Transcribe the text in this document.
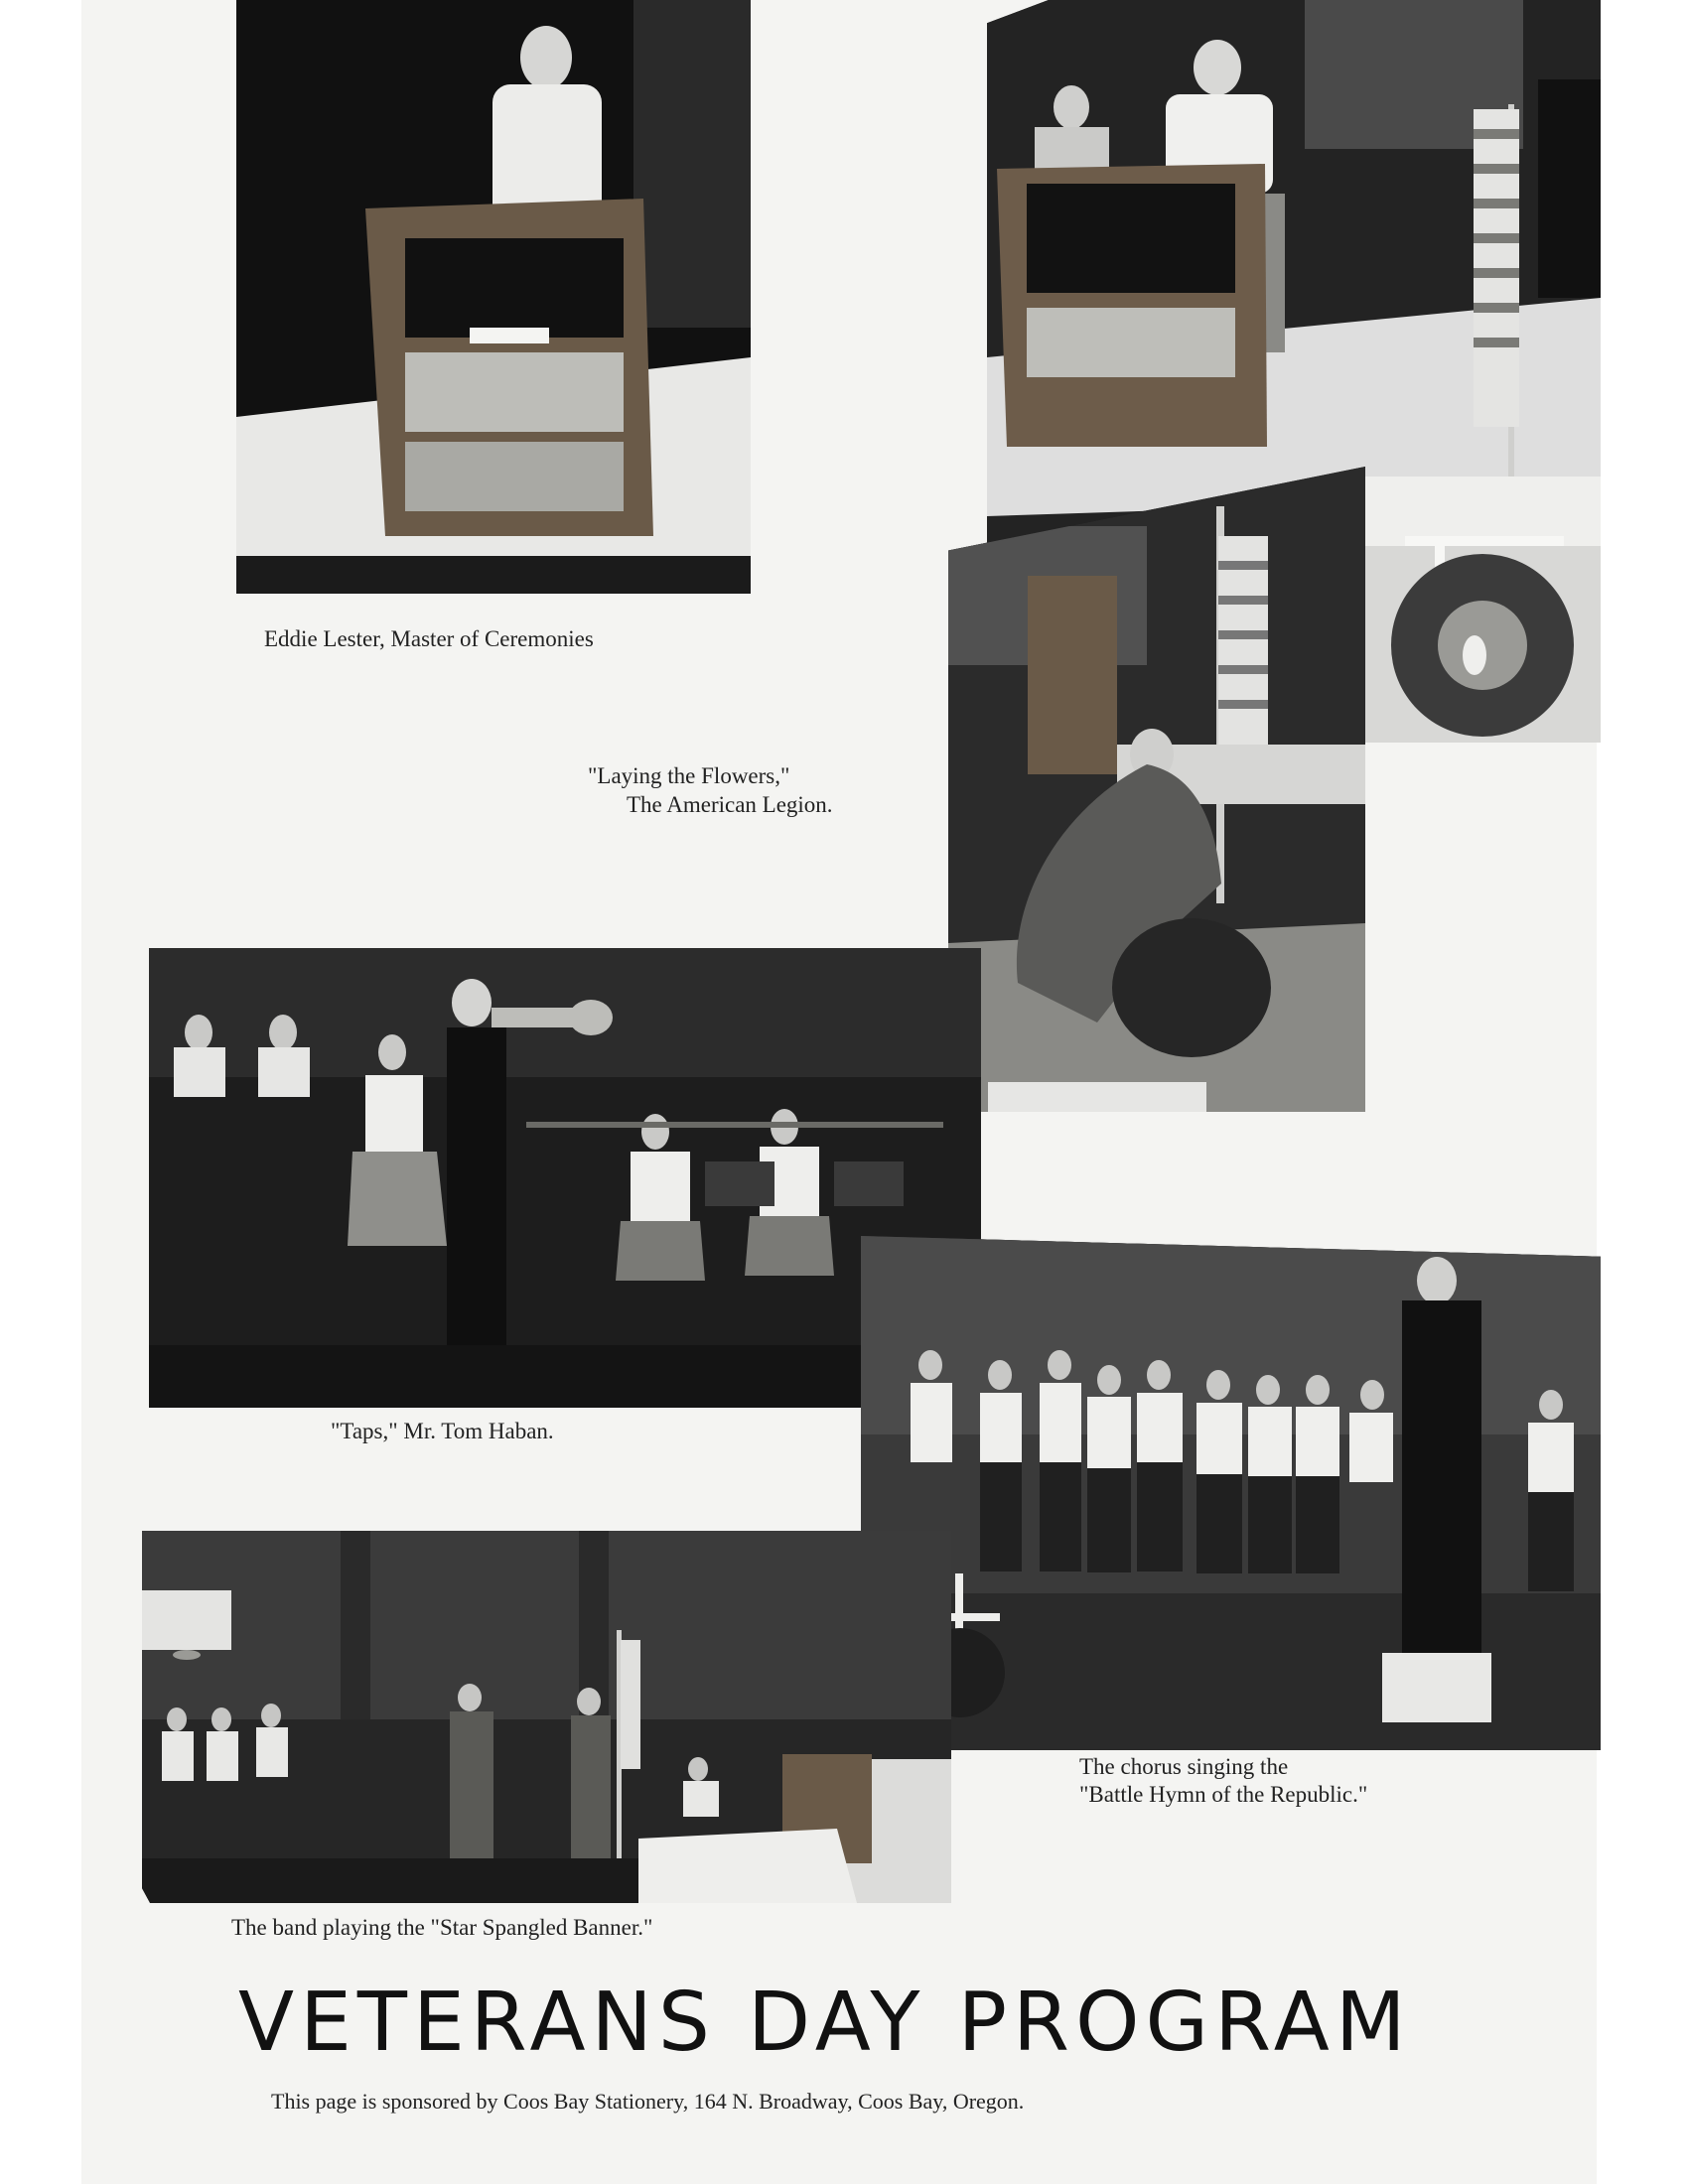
Eddie Lester, Master of Ceremonies
"Laying the Flowers,"
The American Legion.
"Taps," Mr. Tom Haban.
The chorus singing the
"Battle Hymn of the Republic."
The band playing the "Star Spangled Banner."
VETERANS DAY PROGRAM
This page is sponsored by Coos Bay Stationery, 164 N. Broadway, Coos Bay, Oregon.
